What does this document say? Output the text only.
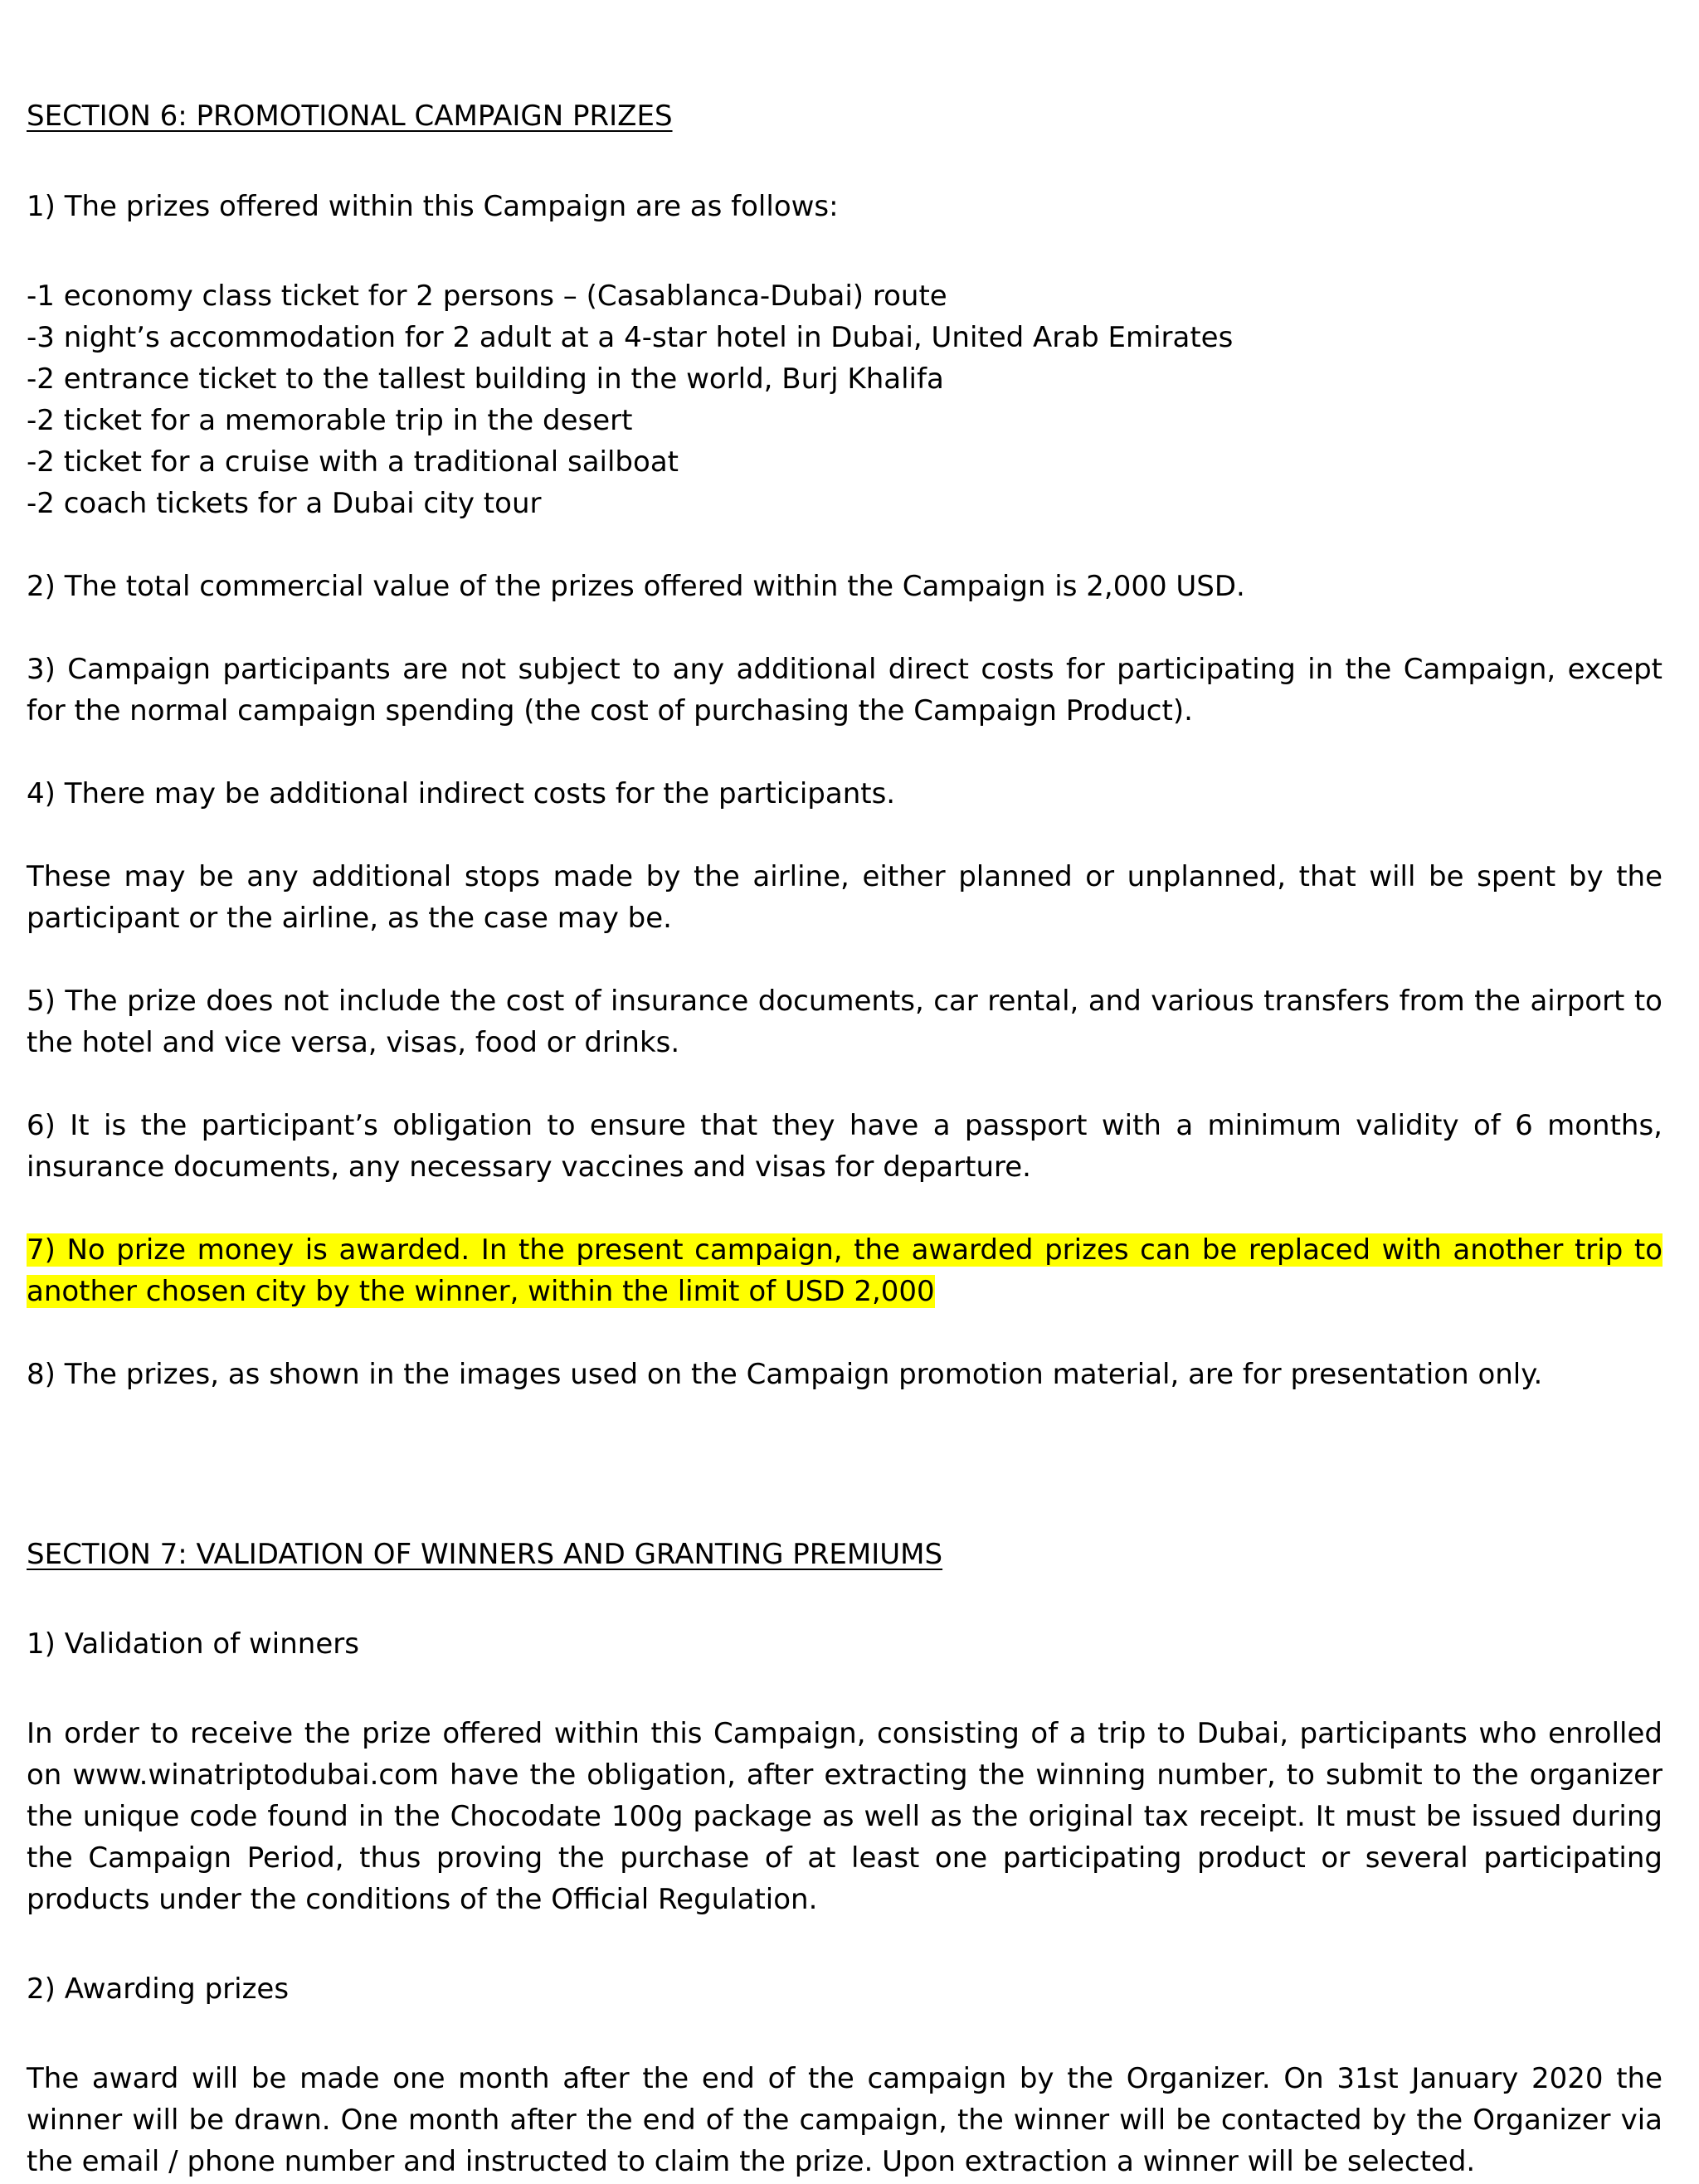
SECTION 6: PROMOTIONAL CAMPAIGN PRIZES
1) The prizes offered within this Campaign are as follows:
-1 economy class ticket for 2 persons – (Casablanca-Dubai) route
-3 night’s accommodation for 2 adult at a 4-star hotel in Dubai, United Arab Emirates
-2 entrance ticket to the tallest building in the world, Burj Khalifa
-2 ticket for a memorable trip in the desert
-2 ticket for a cruise with a traditional sailboat
-2 coach tickets for a Dubai city tour
2) The total commercial value of the prizes offered within the Campaign is 2,000 USD.
3) Campaign participants are not subject to any additional direct costs for participating in the Campaign, except for the normal campaign spending (the cost of purchasing the Campaign Product).
4) There may be additional indirect costs for the participants.
These may be any additional stops made by the airline, either planned or unplanned, that will be spent by the participant or the airline, as the case may be.
5) The prize does not include the cost of insurance documents, car rental, and various transfers from the airport to the hotel and vice versa, visas, food or drinks.
6) It is the participant’s obligation to ensure that they have a passport with a minimum validity of 6 months, insurance documents, any necessary vaccines and visas for departure.
7) No prize money is awarded. In the present campaign, the awarded prizes can be replaced with another trip to another chosen city by the winner, within the limit of USD 2,000
8) The prizes, as shown in the images used on the Campaign promotion material, are for presentation only.
SECTION 7: VALIDATION OF WINNERS AND GRANTING PREMIUMS
1) Validation of winners
In order to receive the prize offered within this Campaign, consisting of a trip to Dubai, participants who enrolled on www.winatriptodubai.com have the obligation, after extracting the winning number, to submit to the organizer the unique code found in the Chocodate 100g package as well as the original tax receipt. It must be issued during the Campaign Period, thus proving the purchase of at least one participating product or several participating products under the conditions of the Official Regulation.
2) Awarding prizes
The award will be made one month after the end of the campaign by the Organizer. On 31st January 2020 the winner will be drawn. One month after the end of the campaign, the winner will be contacted by the Organizer via the email / phone number and instructed to claim the prize. Upon extraction a winner will be selected.
